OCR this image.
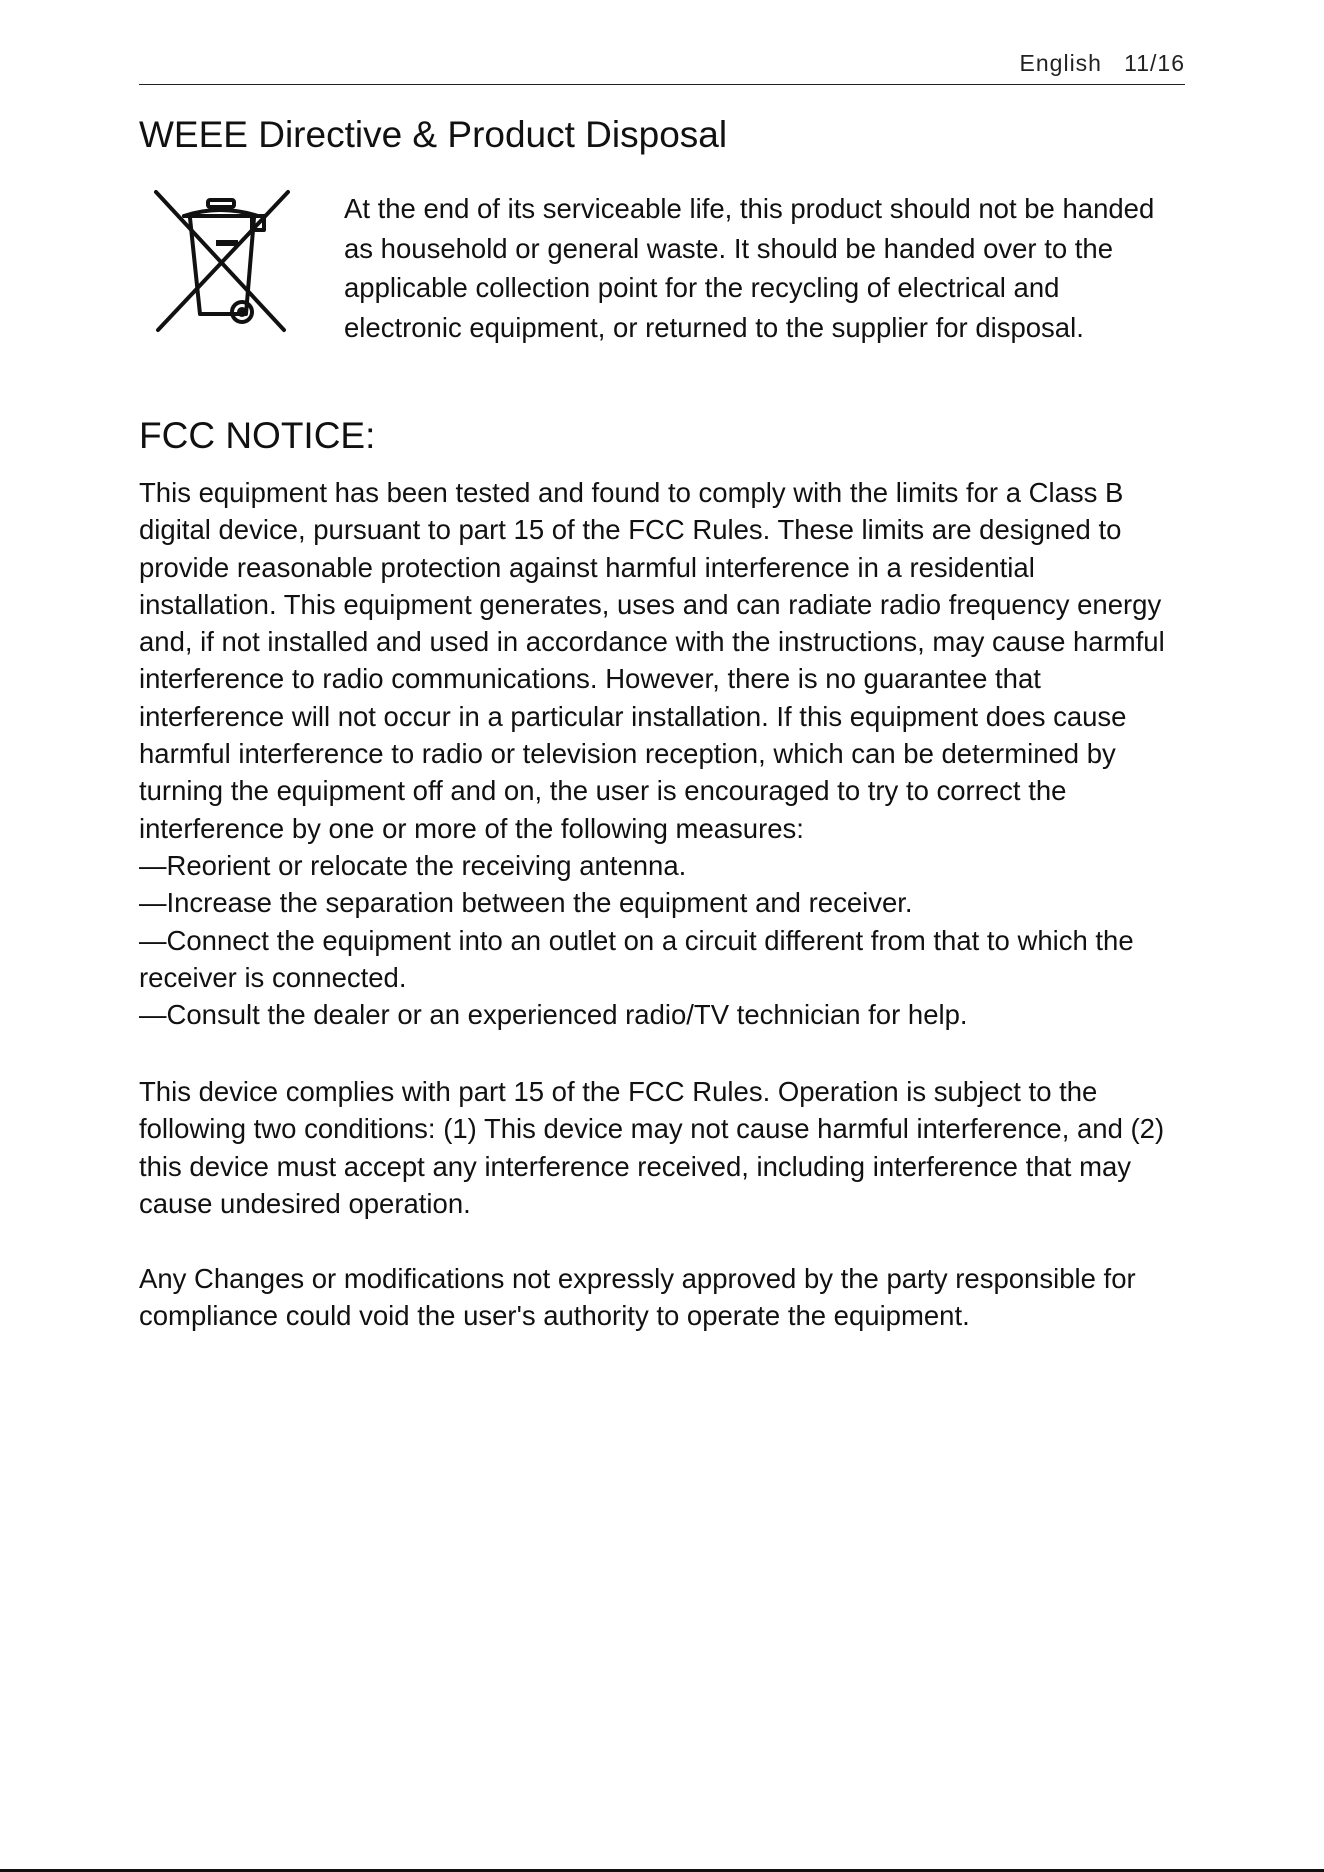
English 11/16
WEEE Directive & Product Disposal

At the end of its serviceable life, this product should not be handed
as household or general waste. It should be handed over to the
applicable collection point for the recycling of electrical and
electronic equipment, or returned to the supplier for disposal.

FCC NOTICE:

This equipment has been tested and found to comply with the limits for a Class B
digital device, pursuant to part 15 of the FCC Rules. These limits are designed to
provide reasonable protection against harmful interference in a residential
installation. This equipment generates, uses and can radiate radio frequency energy
and, if not installed and used in accordance with the instructions, may cause harmful
interference to radio communications. However, there is no guarantee that
interference will not occur in a particular installation. If this equipment does cause
harmful interference to radio or television reception, which can be determined by
turning the equipment off and on, the user is encouraged to try to correct the
interference by one or more of the following measures:
—Reorient or relocate the receiving antenna.
—Increase the separation between the equipment and receiver.
—Connect the equipment into an outlet on a circuit different from that to which the
receiver is connected.
—Consult the dealer or an experienced radio/TV technician for help.

This device complies with part 15 of the FCC Rules. Operation is subject to the
following two conditions: (1) This device may not cause harmful interference, and (2)
this device must accept any interference received, including interference that may
cause undesired operation.

Any Changes or modifications not expressly approved by the party responsible for
compliance could void the user's authority to operate the equipment.
